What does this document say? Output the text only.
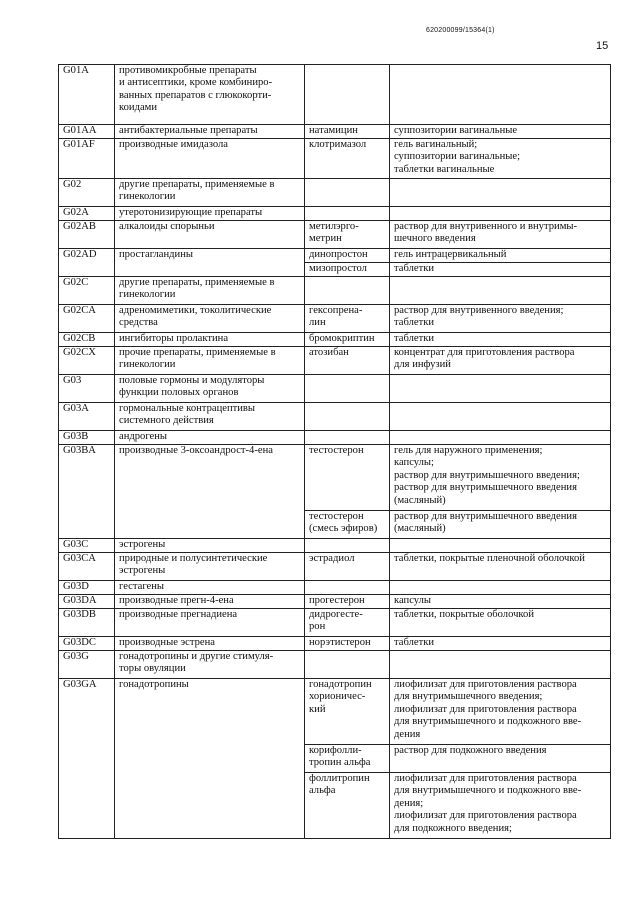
620200099/15364(1)
15
G01A	противомикробные препараты
и антисептики, кроме комбиниро-
ванных препаратов с глюкокорти-
коидами		
G01AA	антибактериальные препараты	натамицин	суппозитории вагинальные
G01AF	производные имидазола	клотримазол	гель вагинальный;
суппозитории вагинальные;
таблетки вагинальные
G02	другие препараты, применяемые в
гинекологии		
G02A	утеротонизирующие препараты		
G02AB	алкалоиды спорыньи	метилэрго-
метрин	раствор для внутривенного и внутримы-
шечного введения
G02AD	простагландины	динопростон	гель интрацервикальный
		мизопростол	таблетки
G02C	другие препараты, применяемые в
гинекологии		
G02CA	адреномиметики, токолитические
средства	гексопрена-
лин	раствор для внутривенного введения;
таблетки
G02CB	ингибиторы пролактина	бромокриптин	таблетки
G02CX	прочие препараты, применяемые в
гинекологии	атозибан	концентрат для приготовления раствора
для инфузий
G03	половые гормоны и модуляторы
функции половых органов		
G03A	гормональные контрацептивы
системного действия		
G03B	андрогены		
G03BA	производные 3-оксоандрост-4-ена	тестостерон	гель для наружного применения;
капсулы;
раствор для внутримышечного введения;
раствор для внутримышечного введения
(масляный)
		тестостерон
(смесь эфиров)	раствор для внутримышечного введения
(масляный)
G03C	эстрогены		
G03CA	природные и полусинтетические
эстрогены	эстрадиол	таблетки, покрытые пленочной оболочкой
G03D	гестагены		
G03DA	производные прегн-4-ена	прогестерон	капсулы
G03DB	производные прегнадиена	дидрогесте-
рон	таблетки, покрытые оболочкой
G03DC	производные эстрена	норэтистерон	таблетки
G03G	гонадотропины и другие стимуля-
торы овуляции		
G03GA	гонадотропины	гонадотропин
хорионичес-
кий	лиофилизат для приготовления раствора
для внутримышечного введения;
лиофилизат для приготовления раствора
для внутримышечного и подкожного вве-
дения
		корифолли-
тропин альфа	раствор для подкожного введения
		фоллитропин
альфа	лиофилизат для приготовления раствора
для внутримышечного и подкожного вве-
дения;
лиофилизат для приготовления раствора
для подкожного введения;
